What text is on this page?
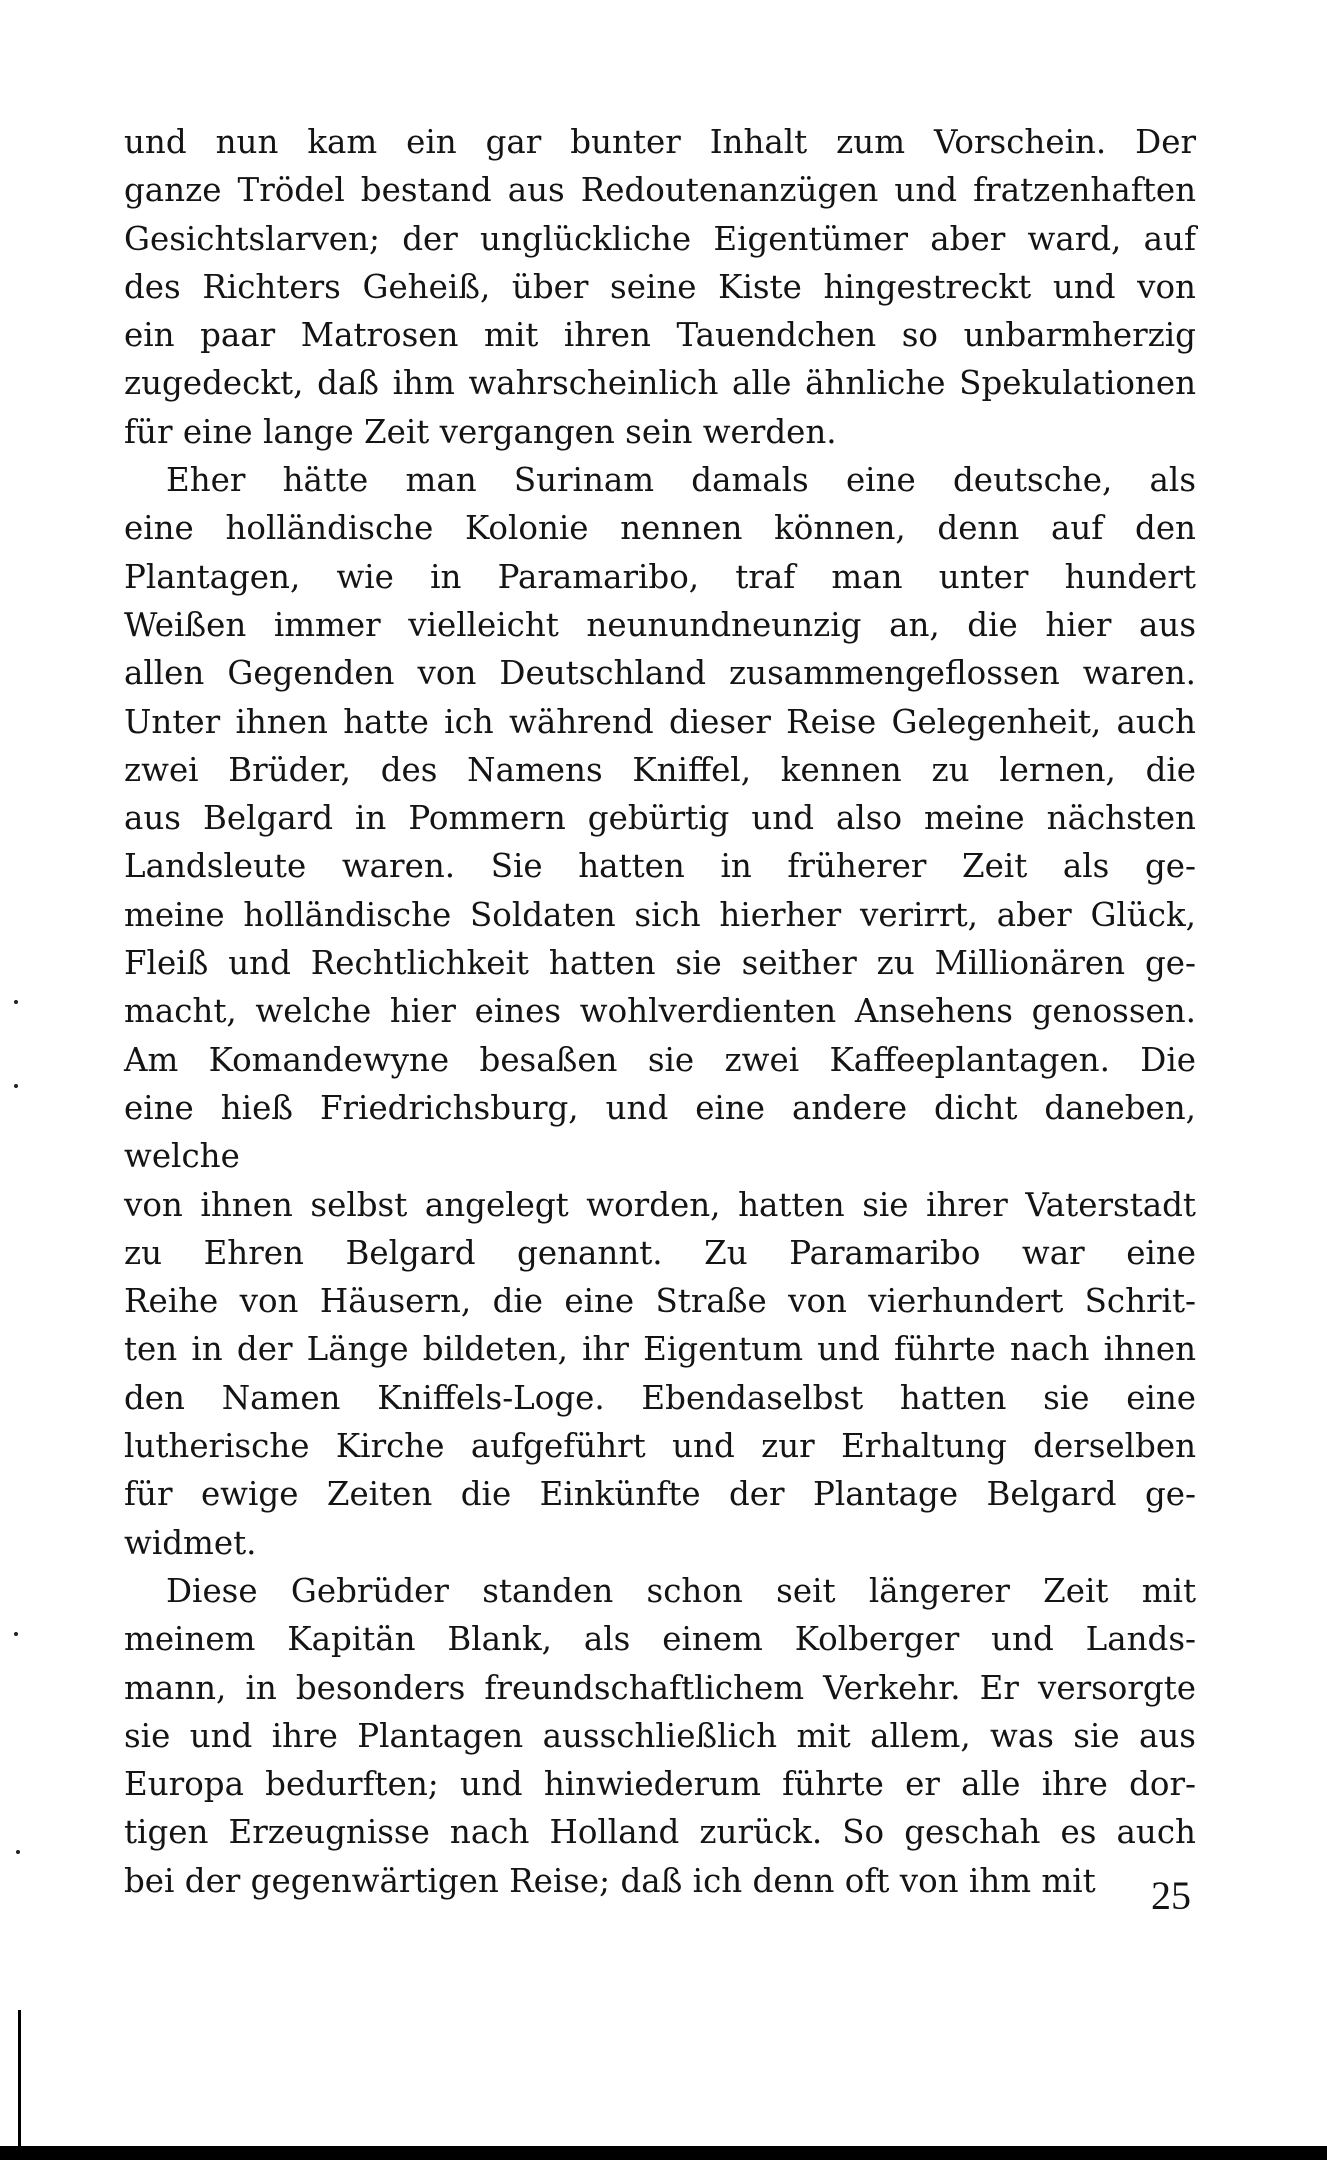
und nun kam ein gar bunter Inhalt zum Vorschein. Der

ganze Trödel bestand aus Redoutenanzügen und fratzenhaften

Gesichtslarven; der unglückliche Eigentümer aber ward, auf

des Richters Geheiß, über seine Kiste hingestreckt und von

ein paar Matrosen mit ihren Tauendchen so unbarmherzig

zugedeckt, daß ihm wahrscheinlich alle ähnliche Spekulationen

für eine lange Zeit vergangen sein werden.

Eher hätte man Surinam damals eine deutsche, als

eine holländische Kolonie nennen können, denn auf den

Plantagen, wie in Paramaribo, traf man unter hundert

Weißen immer vielleicht neunundneunzig an, die hier aus

allen Gegenden von Deutschland zusammengeflossen waren.

Unter ihnen hatte ich während dieser Reise Gelegenheit, auch

zwei Brüder, des Namens Kniffel, kennen zu lernen, die

aus Belgard in Pommern gebürtig und also meine nächsten

Landsleute waren. Sie hatten in früherer Zeit als ge-

meine holländische Soldaten sich hierher verirrt, aber Glück,

Fleiß und Rechtlichkeit hatten sie seither zu Millionären ge-

macht, welche hier eines wohlverdienten Ansehens genossen.

Am Komandewyne besaßen sie zwei Kaffeeplantagen. Die

eine hieß Friedrichsburg, und eine andere dicht daneben, welche

von ihnen selbst angelegt worden, hatten sie ihrer Vaterstadt

zu Ehren Belgard genannt. Zu Paramaribo war eine

Reihe von Häusern, die eine Straße von vierhundert Schrit-

ten in der Länge bildeten, ihr Eigentum und führte nach ihnen

den Namen Kniffels-Loge. Ebendaselbst hatten sie eine

lutherische Kirche aufgeführt und zur Erhaltung derselben

für ewige Zeiten die Einkünfte der Plantage Belgard ge-

widmet.

Diese Gebrüder standen schon seit längerer Zeit mit

meinem Kapitän Blank, als einem Kolberger und Lands-

mann, in besonders freundschaftlichem Verkehr. Er versorgte

sie und ihre Plantagen ausschließlich mit allem, was sie aus

Europa bedurften; und hinwiederum führte er alle ihre dor-

tigen Erzeugnisse nach Holland zurück. So geschah es auch

bei der gegenwärtigen Reise; daß ich denn oft von ihm mit	25
